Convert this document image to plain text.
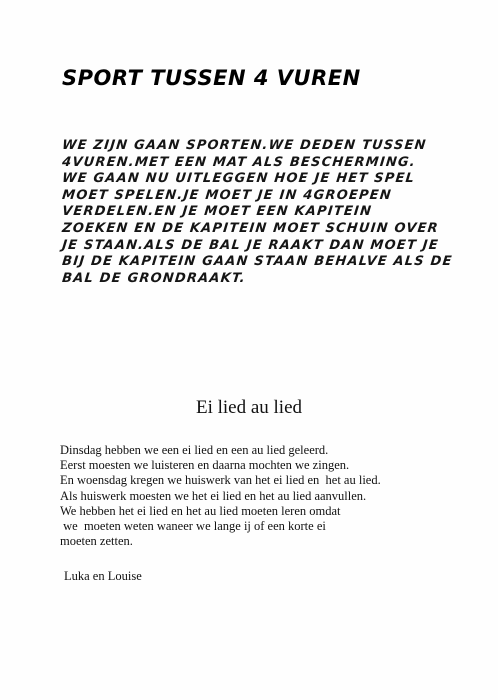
SPORT TUSSEN 4 VUREN
WE ZIJN GAAN SPORTEN.WE DEDEN TUSSEN
4VUREN.MET EEN MAT ALS BESCHERMING.
WE GAAN NU UITLEGGEN HOE JE HET SPEL
MOET SPELEN.JE MOET JE IN 4GROEPEN
VERDELEN.EN JE MOET EEN KAPITEIN
ZOEKEN EN DE KAPITEIN MOET SCHUIN OVER
JE STAAN.ALS DE BAL JE RAAKT DAN MOET JE
BIJ DE KAPITEIN GAAN STAAN BEHALVE ALS DE
BAL DE GRONDRAAKT.
Ei lied au lied
Dinsdag hebben we een ei lied en een au lied geleerd.
Eerst moesten we luisteren en daarna mochten we zingen.
En woensdag kregen we huiswerk van het ei lied en  het au lied.
Als huiswerk moesten we het ei lied en het au lied aanvullen.
We hebben het ei lied en het au lied moeten leren omdat
we  moeten weten waneer we lange ij of een korte ei
moeten zetten.
Luka en Louise
